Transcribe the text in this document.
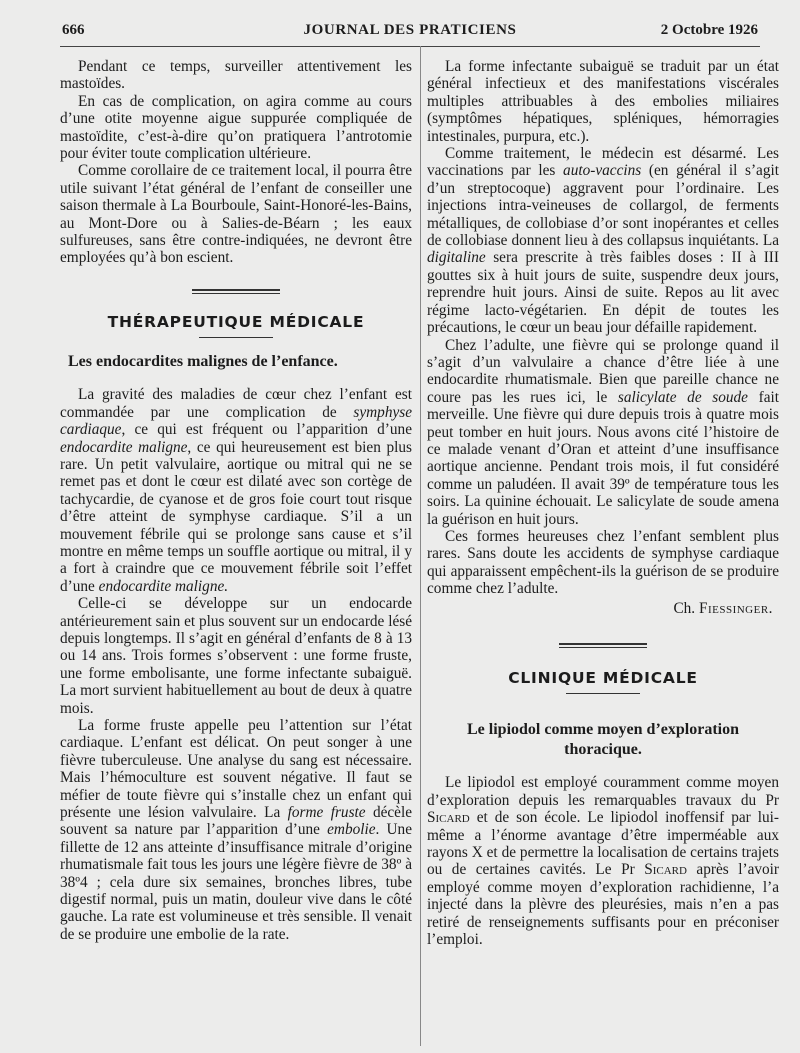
666	JOURNAL DES PRATICIENS	2 Octobre 1926

Pendant ce temps, surveiller attentivement les mastoïdes.

En cas de complication, on agira comme au cours d’une otite moyenne aigue suppurée compliquée de mastoïdite, c’est-à-dire qu’on pratiquera l’antrotomie pour éviter toute complication ultérieure.

Comme corollaire de ce traitement local, il pourra être utile suivant l’état général de l’enfant de conseiller une saison thermale à La Bourboule, Saint-Honoré-les-Bains, au Mont-Dore ou à Salies-de-Béarn ; les eaux sulfureuses, sans être contre-indiquées, ne devront être employées qu’à bon escient.

THÉRAPEUTIQUE MÉDICALE
Les endocardites malignes de l’enfance.

La gravité des maladies de cœur chez l’enfant est commandée par une complication de symphyse cardiaque, ce qui est fréquent ou l’apparition d’une endocardite maligne, ce qui heureusement est bien plus rare. Un petit valvulaire, aortique ou mitral qui ne se remet pas et dont le cœur est dilaté avec son cortège de tachycardie, de cyanose et de gros foie court tout risque d’être atteint de symphyse cardiaque. S’il a un mouvement fébrile qui se prolonge sans cause et s’il montre en même temps un souffle aortique ou mitral, il y a fort à craindre que ce mouvement fébrile soit l’effet d’une endocardite maligne.

Celle-ci se développe sur un endocarde antérieurement sain et plus souvent sur un endocarde lésé depuis longtemps. Il s’agit en général d’enfants de 8 à 13 ou 14 ans. Trois formes s’observent : une forme fruste, une forme embolisante, une forme infectante subaiguë. La mort survient habituellement au bout de deux à quatre mois.

La forme fruste appelle peu l’attention sur l’état cardiaque. L’enfant est délicat. On peut songer à une fièvre tuberculeuse. Une analyse du sang est nécessaire. Mais l’hémoculture est souvent négative. Il faut se méfier de toute fièvre qui s’installe chez un enfant qui présente une lésion valvulaire. La forme fruste décèle souvent sa nature par l’apparition d’une embolie. Une fillette de 12 ans atteinte d’insuffisance mitrale d’origine rhumatismale fait tous les jours une légère fièvre de 38º à 38º4 ; cela dure six semaines, bronches libres, tube digestif normal, puis un matin, douleur vive dans le côté gauche. La rate est volumineuse et très sensible. Il venait de se produire une embolie de la rate.

La forme infectante subaiguë se traduit par un état général infectieux et des manifestations viscérales multiples attribuables à des embolies miliaires (symptômes hépatiques, spléniques, hémorragies intestinales, purpura, etc.).

Comme traitement, le médecin est désarmé. Les vaccinations par les auto-vaccins (en général il s’agit d’un streptocoque) aggravent pour l’ordinaire. Les injections intra-veineuses de collargol, de ferments métalliques, de collobiase d’or sont inopérantes et celles de collobiase donnent lieu à des collapsus inquiétants. La digitaline sera prescrite à très faibles doses : II à III gouttes six à huit jours de suite, suspendre deux jours, reprendre huit jours. Ainsi de suite. Repos au lit avec régime lacto-végétarien. En dépit de toutes les précautions, le cœur un beau jour défaille rapidement.

Chez l’adulte, une fièvre qui se prolonge quand il s’agit d’un valvulaire a chance d’être liée à une endocardite rhumatismale. Bien que pareille chance ne coure pas les rues ici, le salicylate de soude fait merveille. Une fièvre qui dure depuis trois à quatre mois peut tomber en huit jours. Nous avons cité l’histoire de ce malade venant d’Oran et atteint d’une insuffisance aortique ancienne. Pendant trois mois, il fut considéré comme un paludéen. Il avait 39º de température tous les soirs. La quinine échouait. Le salicylate de soude amena la guérison en huit jours.

Ces formes heureuses chez l’enfant semblent plus rares. Sans doute les accidents de symphyse cardiaque qui apparaissent empêchent-ils la guérison de se produire comme chez l’adulte.

Ch. Fiessinger.
CLINIQUE MÉDICALE
Le lipiodol comme moyen d’exploration thoracique.

Le lipiodol est employé couramment comme moyen d’exploration depuis les remarquables travaux du Pr Sicard et de son école. Le lipiodol inoffensif par lui-même a l’énorme avantage d’être imperméable aux rayons X et de permettre la localisation de certains trajets ou de certaines cavités. Le Pr Sicard après l’avoir employé comme moyen d’exploration rachidienne, l’a injecté dans la plèvre des pleurésies, mais n’en a pas retiré de renseignements suffisants pour en préconiser l’emploi.
